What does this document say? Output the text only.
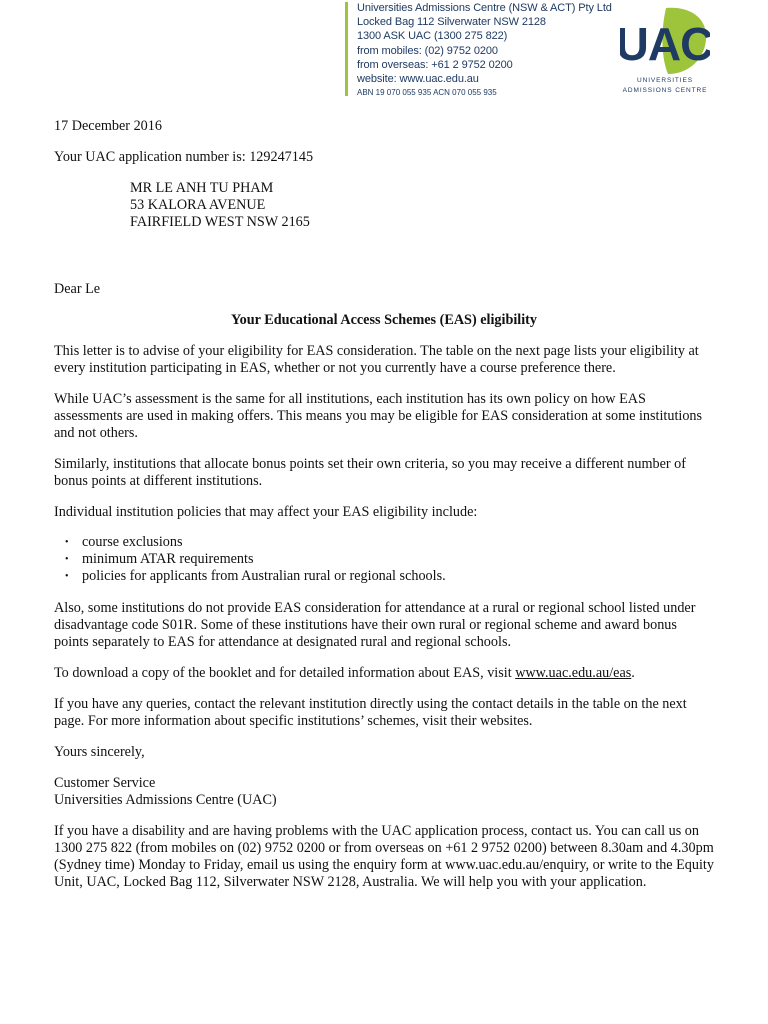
Universities Admissions Centre (NSW & ACT) Pty Ltd
Locked Bag 112 Silverwater NSW 2128
1300 ASK UAC (1300 275 822)
from mobiles: (02) 9752 0200
from overseas: +61 2 9752 0200
website: www.uac.edu.au
ABN 19 070 055 935 ACN 070 055 935
UAC
UNIVERSITIES
ADMISSIONS CENTRE

17 December 2016

Your UAC application number is: 129247145

MR LE ANH TU PHAM

53 KALORA AVENUE

FAIRFIELD WEST NSW 2165

Dear Le

Your Educational Access Schemes (EAS) eligibility

This letter is to advise of your eligibility for EAS consideration. The table on the next page lists your eligibility at every institution participating in EAS, whether or not you currently have a course preference there.

While UAC’s assessment is the same for all institutions, each institution has its own policy on how EAS assessments are used in making offers. This means you may be eligible for EAS consideration at some institutions and not others.

Similarly, institutions that allocate bonus points set their own criteria, so you may receive a different number of bonus points at different institutions.

Individual institution policies that may affect your EAS eligibility include:

• course exclusions
• minimum ATAR requirements
• policies for applicants from Australian rural or regional schools.

Also, some institutions do not provide EAS consideration for attendance at a rural or regional school listed under disadvantage code S01R. Some of these institutions have their own rural or regional scheme and award bonus points separately to EAS for attendance at designated rural and regional schools.

To download a copy of the booklet and for detailed information about EAS, visit www.uac.edu.au/eas.

If you have any queries, contact the relevant institution directly using the contact details in the table on the next page. For more information about specific institutions’ schemes, visit their websites.

Yours sincerely,

Customer Service

Universities Admissions Centre (UAC)

If you have a disability and are having problems with the UAC application process, contact us. You can call us on 1300 275 822 (from mobiles on (02) 9752 0200 or from overseas on +61 2 9752 0200) between 8.30am and 4.30pm (Sydney time) Monday to Friday, email us using the enquiry form at www.uac.edu.au/enquiry, or write to the Equity Unit, UAC, Locked Bag 112, Silverwater NSW 2128, Australia. We will help you with your application.
